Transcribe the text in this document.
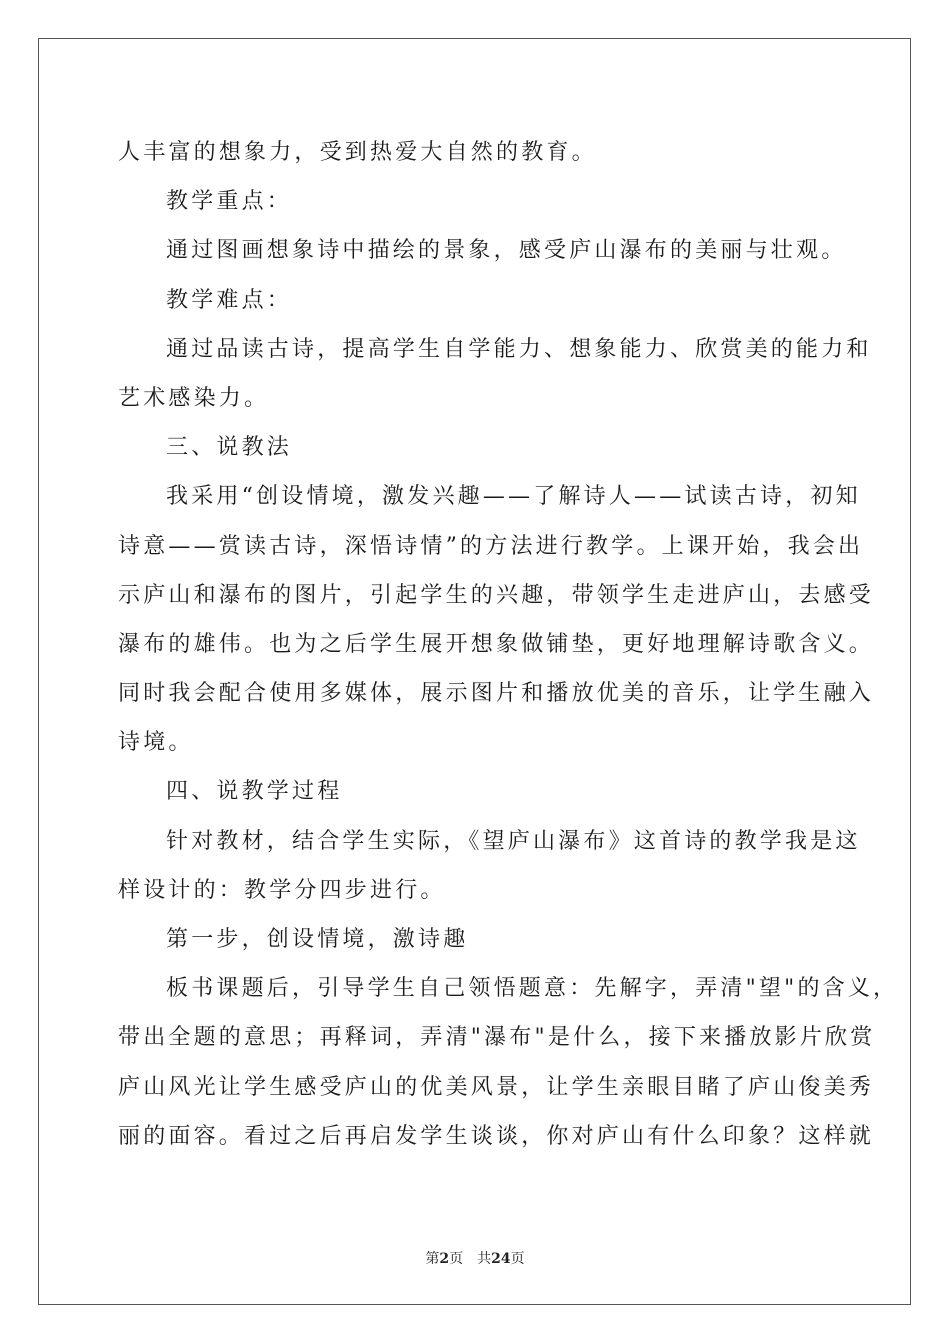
人丰富的想象力，受到热爱大自然的教育。

教学重点：

通过图画想象诗中描绘的景象，感受庐山瀑布的美丽与壮观。

教学难点：

通过品读古诗，提高学生自学能力、想象能力、欣赏美的能力和

艺术感染力。

三、说教法

我采用“创设情境，激发兴趣——了解诗人——试读古诗，初知

诗意——赏读古诗，深悟诗情”的方法进行教学。上课开始，我会出

示庐山和瀑布的图片，引起学生的兴趣，带领学生走进庐山，去感受

瀑布的雄伟。也为之后学生展开想象做铺垫，更好地理解诗歌含义。

同时我会配合使用多媒体，展示图片和播放优美的音乐，让学生融入

诗境。

四、说教学过程

针对教材，结合学生实际，《望庐山瀑布》这首诗的教学我是这

样设计的：教学分四步进行。

第一步，创设情境，激诗趣

板书课题后，引导学生自己领悟题意：先解字，弄清"望"的含义，

带出全题的意思；再释词，弄清"瀑布"是什么，接下来播放影片欣赏

庐山风光让学生感受庐山的优美风景，让学生亲眼目睹了庐山俊美秀

丽的面容。看过之后再启发学生谈谈，你对庐山有什么印象？这样就

第2页 共24页
